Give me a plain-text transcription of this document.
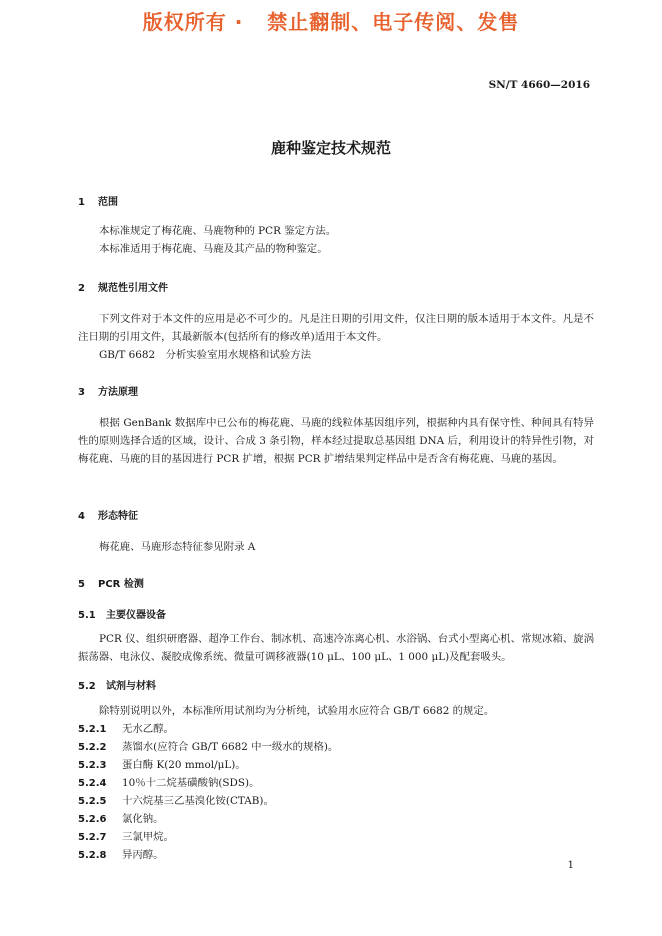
版权所有 ·   禁止翻制、电子传阅、发售
SN/T 4660—2016
鹿种鉴定技术规范
1 范围
本标准规定了梅花鹿、马鹿物种的 PCR 鉴定方法。
本标准适用于梅花鹿、马鹿及其产品的物种鉴定。
2 规范性引用文件
下列文件对于本文件的应用是必不可少的。凡是注日期的引用文件，仅注日期的版本适用于本文件。凡是不注日期的引用文件，其最新版本(包括所有的修改单)适用于本文件。
GB/T 6682　分析实验室用水规格和试验方法
3 方法原理
根据 GenBank 数据库中已公布的梅花鹿、马鹿的线粒体基因组序列，根据种内具有保守性、种间具有特异性的原则选择合适的区域，设计、合成 3 条引物，样本经过提取总基因组 DNA 后，利用设计的特异性引物，对梅花鹿、马鹿的目的基因进行 PCR 扩增，根据 PCR 扩增结果判定样品中是否含有梅花鹿、马鹿的基因。
4 形态特征
梅花鹿、马鹿形态特征参见附录 A
5 PCR 检测
5.1 主要仪器设备
PCR 仪、组织研磨器、超净工作台、制冰机、高速冷冻离心机、水浴锅、台式小型离心机、常规冰箱、旋涡振荡器、电泳仪、凝胶成像系统、微量可调移液器(10 μL、100 μL、1 000 μL)及配套吸头。
5.2 试剂与材料
除特别说明以外，本标准所用试剂均为分析纯，试验用水应符合 GB/T 6682 的规定。
5.2.1 无水乙醇。
5.2.2 蒸馏水(应符合 GB/T 6682 中一级水的规格)。
5.2.3 蛋白酶 K(20 mmol/μL)。
5.2.4 10％十二烷基磺酸钠(SDS)。
5.2.5 十六烷基三乙基溴化铵(CTAB)。
5.2.6 氯化钠。
5.2.7 三氯甲烷。
5.2.8 异丙醇。
1
